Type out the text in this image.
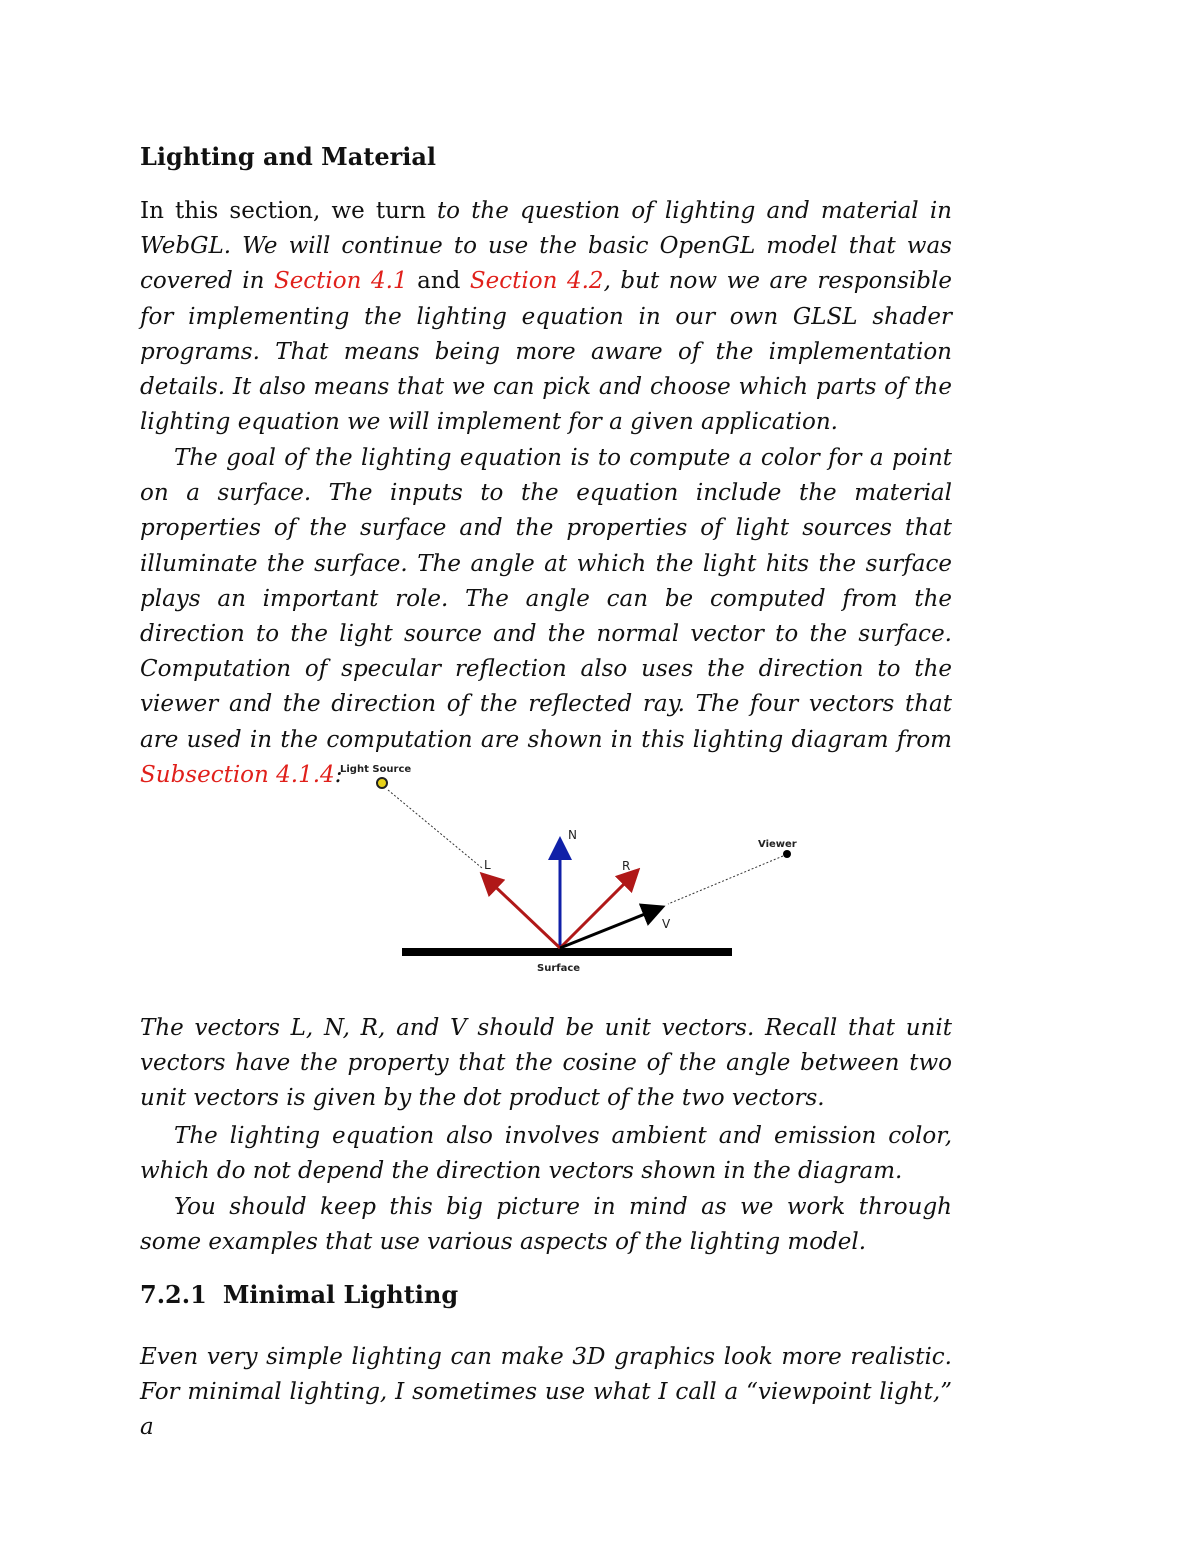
Lighting and Material

In this section, we turn to the question of lighting and material in WebGL. We will continue to use the basic OpenGL model that was covered in Section 4.1 and Section 4.2, but now we are responsible for implementing the lighting equation in our own GLSL shader programs. That means being more aware of the implementation details. It also means that we can pick and choose which parts of the lighting equation we will implement for a given application.

The goal of the lighting equation is to compute a color for a point on a surface. The inputs to the equation include the material properties of the surface and the properties of light sources that illuminate the surface. The angle at which the light hits the surface plays an important role. The angle can be computed from the direction to the light source and the normal vector to the surface. Computation of specular reflection also uses the direction to the viewer and the direction of the reflected ray. The four vectors that are used in the computation are shown in this lighting diagram from Subsection 4.1.4:

The vectors L, N, R, and V should be unit vectors. Recall that unit vectors have the property that the cosine of the angle between two unit vectors is given by the dot product of the two vectors.

The lighting equation also involves ambient and emission color, which do not depend the direction vectors shown in the diagram.

You should keep this big picture in mind as we work through some examples that use various aspects of the lighting model.

7.2.1 Minimal Lighting

Even very simple lighting can make 3D graphics look more realistic. For minimal lighting, I sometimes use what I call a “viewpoint light,” a

Light Source
Surface
N
L	R
V
Viewer
